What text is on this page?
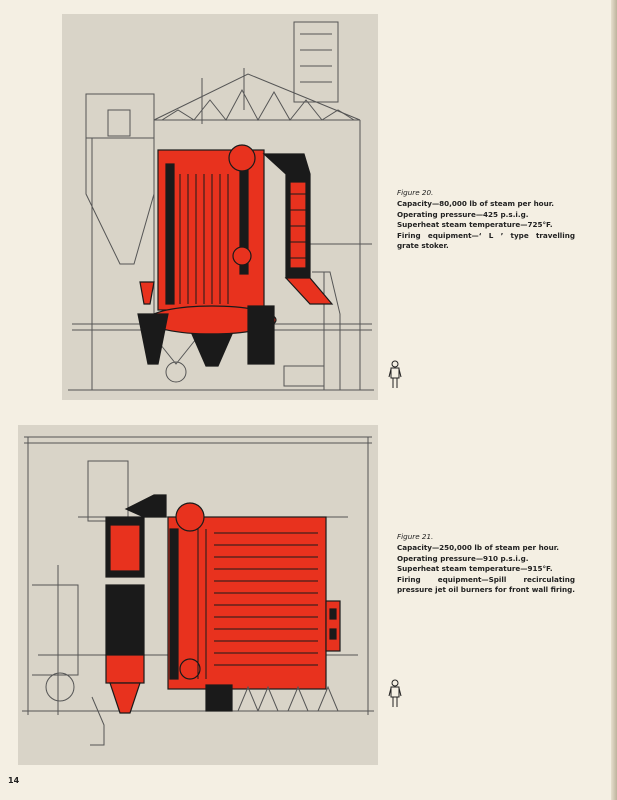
Figure 20.
Capacity—80,000 lb of steam per hour.
Operating pressure—425 p.s.i.g.
Superheat steam temperature—725°F.
Firing equipment—‘ L ’ type travelling grate stoker.
Figure 21.
Capacity—250,000 lb of steam per hour.
Operating pressure—910 p.s.i.g.
Superheat steam temperature—915°F.
Firing equipment—Spill recirculating pressure jet oil burners for front wall firing.
14
